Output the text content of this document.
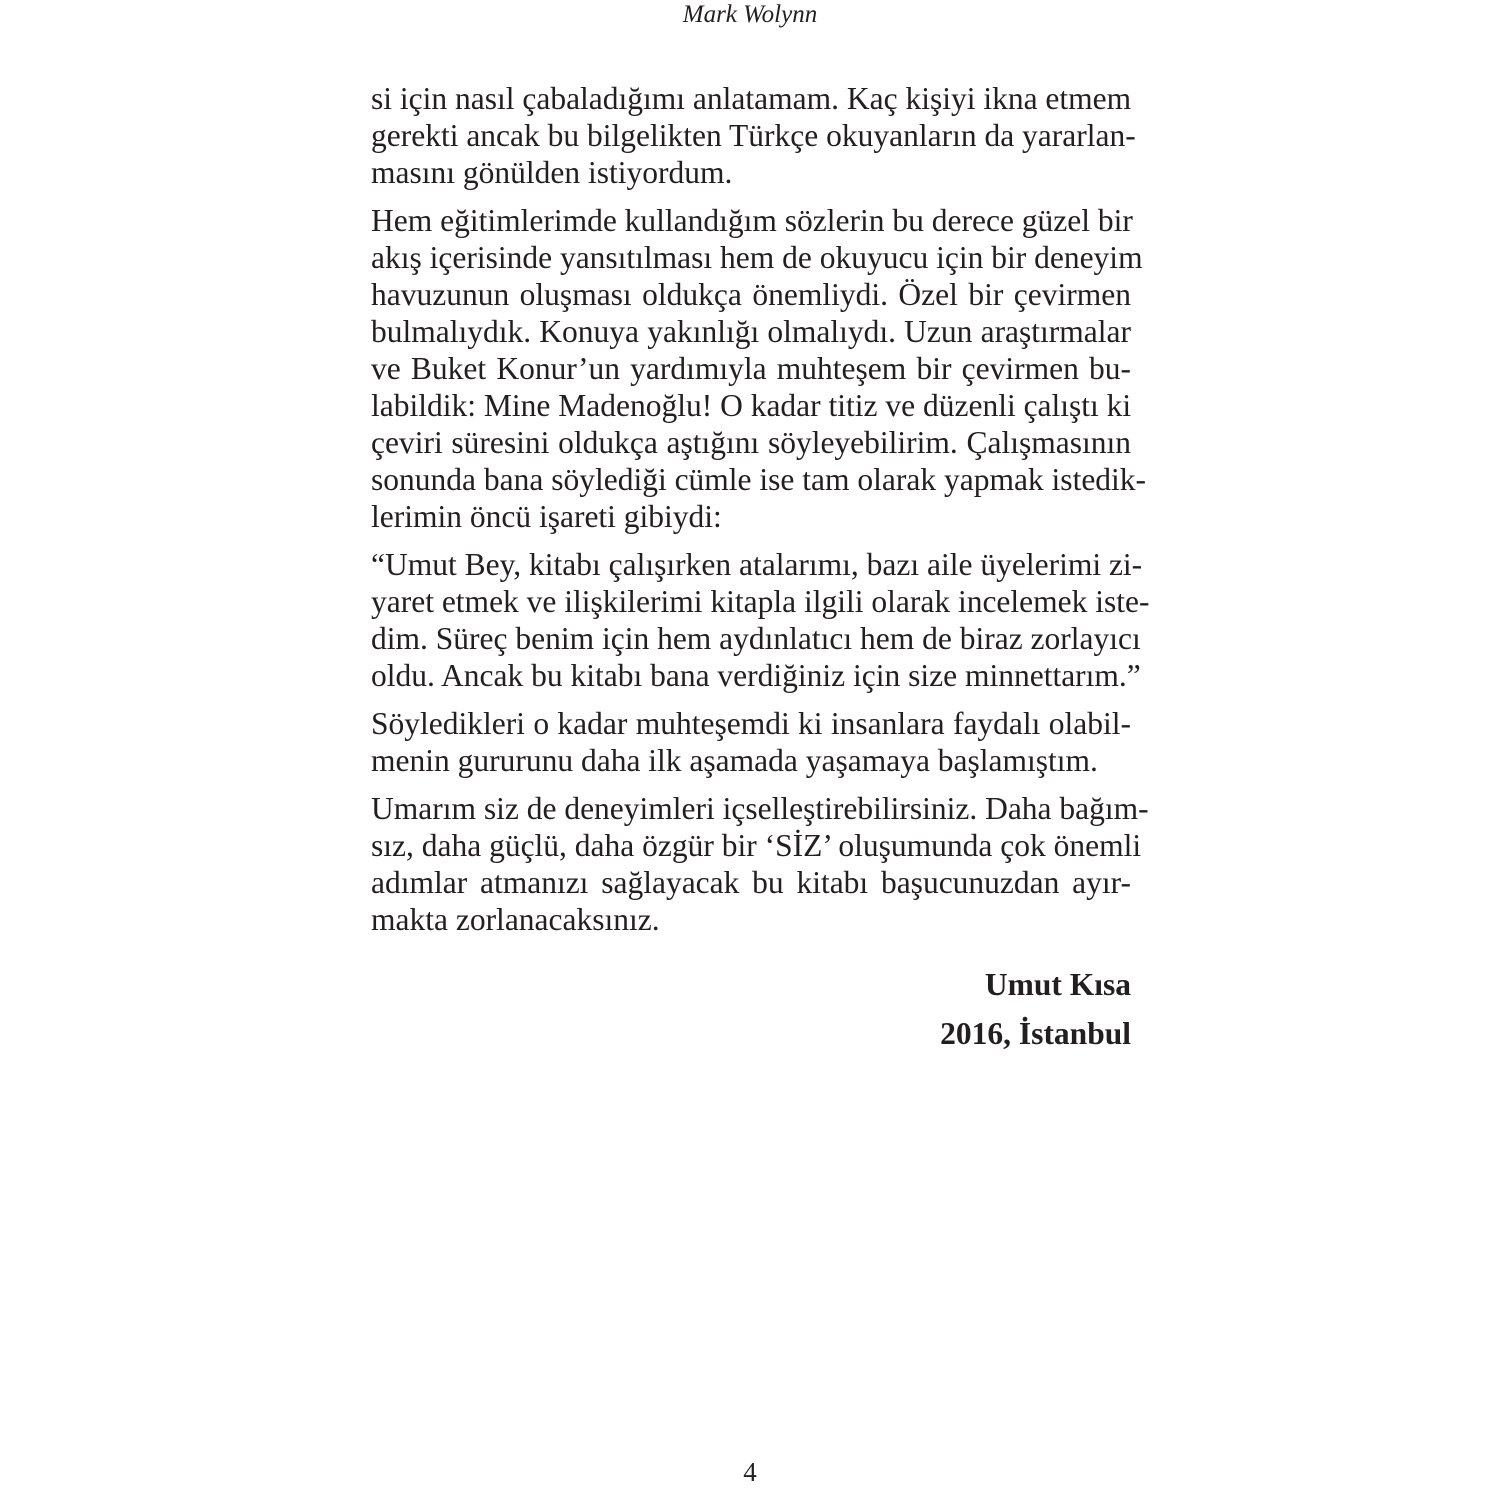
Mark Wolynn
si için nasıl çabaladığımı anlatamam. Kaç kişiyi ikna etmem
gerekti ancak bu bilgelikten Türkçe okuyanların da yararlan-
masını gönülden istiyordum.
Hem eğitimlerimde kullandığım sözlerin bu derece güzel bir
akış içerisinde yansıtılması hem de okuyucu için bir deneyim
havuzunun oluşması oldukça önemliydi. Özel bir çevirmen
bulmalıydık. Konuya yakınlığı olmalıydı. Uzun araştırmalar
ve Buket Konur’un yardımıyla muhteşem bir çevirmen bu-
labildik: Mine Madenoğlu! O kadar titiz ve düzenli çalıştı ki
çeviri süresini oldukça aştığını söyleyebilirim. Çalışmasının
sonunda bana söylediği cümle ise tam olarak yapmak istedik-
lerimin öncü işareti gibiydi:
“Umut Bey, kitabı çalışırken atalarımı, bazı aile üyelerimi zi-
yaret etmek ve ilişkilerimi kitapla ilgili olarak incelemek iste-
dim. Süreç benim için hem aydınlatıcı hem de biraz zorlayıcı
oldu. Ancak bu kitabı bana verdiğiniz için size minnettarım.”
Söyledikleri o kadar muhteşemdi ki insanlara faydalı olabil-
menin gururunu daha ilk aşamada yaşamaya başlamıştım.
Umarım siz de deneyimleri içselleştirebilirsiniz. Daha bağım-
sız, daha güçlü, daha özgür bir ‘SİZ’ oluşumunda çok önemli
adımlar atmanızı sağlayacak bu kitabı başucunuzdan ayır-
makta zorlanacaksınız.
Umut Kısa
2016, İstanbul
4
